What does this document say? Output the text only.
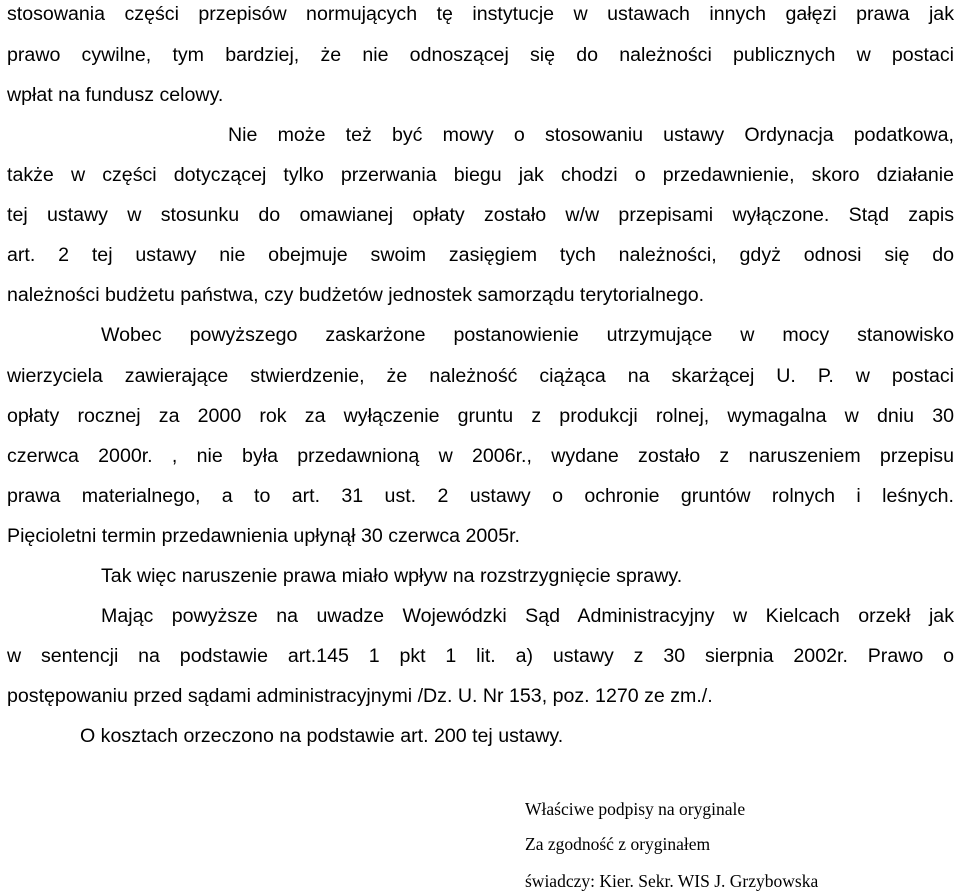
stosowania części przepisów normujących tę instytucje w ustawach innych gałęzi prawa jak
prawo cywilne, tym bardziej, że nie odnoszącej się do należności publicznych w postaci
wpłat na fundusz celowy.
Nie może też być mowy o stosowaniu ustawy Ordynacja podatkowa,
także w części dotyczącej tylko przerwania biegu jak chodzi o przedawnienie, skoro działanie
tej ustawy w stosunku do omawianej opłaty zostało w/w przepisami wyłączone. Stąd zapis
art. 2 tej ustawy nie obejmuje swoim zasięgiem tych należności, gdyż odnosi się do
należności budżetu państwa, czy budżetów jednostek samorządu terytorialnego.
Wobec powyższego zaskarżone postanowienie utrzymujące w mocy stanowisko
wierzyciela zawierające stwierdzenie, że należność ciążąca na skarżącej U. P. w postaci
opłaty rocznej za 2000 rok za wyłączenie gruntu z produkcji rolnej, wymagalna w dniu 30
czerwca 2000r. , nie była przedawnioną w 2006r., wydane zostało z naruszeniem przepisu
prawa materialnego, a to art. 31 ust. 2 ustawy o ochronie gruntów rolnych i leśnych.
Pięcioletni termin przedawnienia upłynął 30 czerwca 2005r.
Tak więc naruszenie prawa miało wpływ na rozstrzygnięcie sprawy.
Mając powyższe na uwadze Wojewódzki Sąd Administracyjny w Kielcach orzekł jak
w sentencji na podstawie art.145 1 pkt 1 lit. a) ustawy z 30 sierpnia 2002r. Prawo o
postępowaniu przed sądami administracyjnymi /Dz. U. Nr 153, poz. 1270 ze zm./.
O kosztach orzeczono na podstawie art. 200 tej ustawy.
Właściwe podpisy na oryginale
Za zgodność z oryginałem
świadczy: Kier. Sekr. WIS J. Grzybowska
